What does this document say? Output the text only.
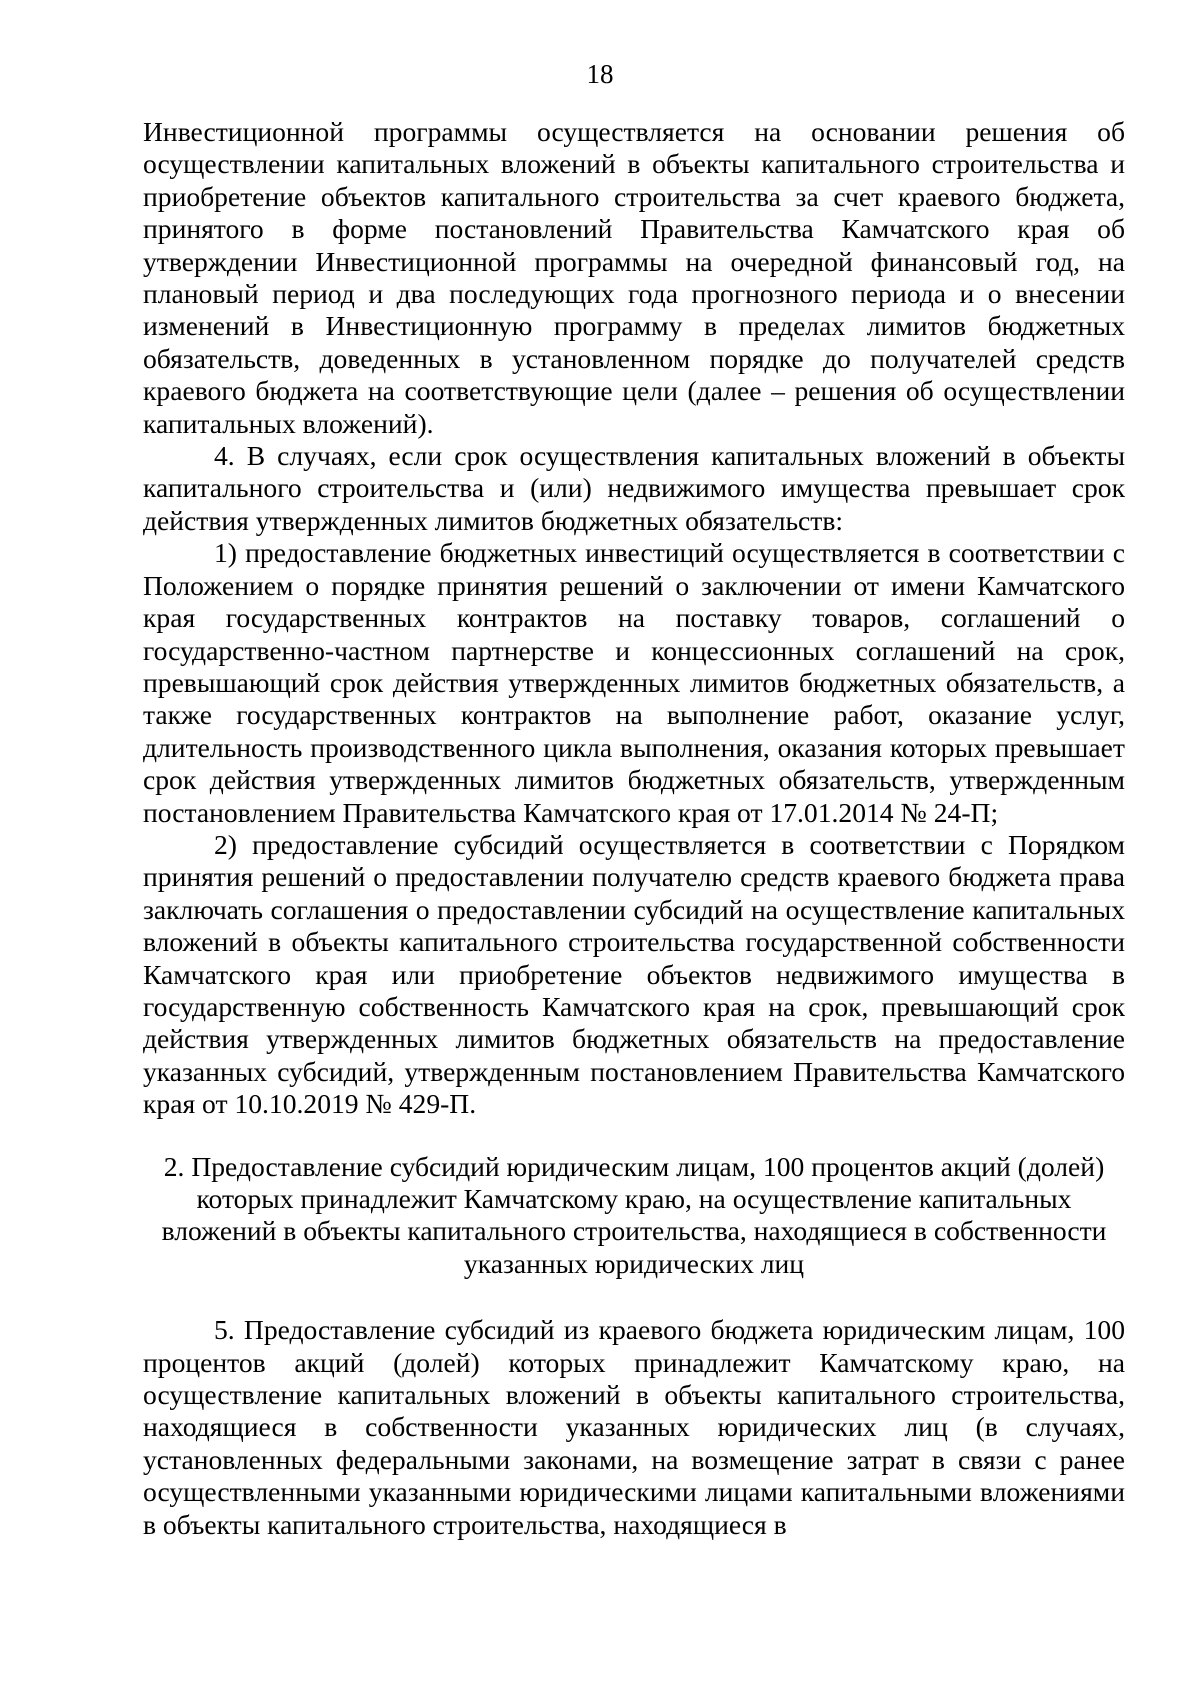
18

Инвестиционной программы осуществляется на основании решения об осуществлении капитальных вложений в объекты капитального строительства и приобретение объектов капитального строительства за счет краевого бюджета, принятого в форме постановлений Правительства Камчатского края об утверждении Инвестиционной программы на очередной финансовый год, на плановый период и два последующих года прогнозного периода и о внесении изменений в Инвестиционную программу в пределах лимитов бюджетных обязательств, доведенных в установленном порядке до получателей средств краевого бюджета на соответствующие цели (далее – решения об осуществлении капитальных вложений).

4. В случаях, если срок осуществления капитальных вложений в объекты капитального строительства и (или) недвижимого имущества превышает срок действия утвержденных лимитов бюджетных обязательств:

1) предоставление бюджетных инвестиций осуществляется в соответствии с Положением о порядке принятия решений о заключении от имени Камчатского края государственных контрактов на поставку товаров, соглашений о государственно-частном партнерстве и концессионных соглашений на срок, превышающий срок действия утвержденных лимитов бюджетных обязательств, а также государственных контрактов на выполнение работ, оказание услуг, длительность производственного цикла выполнения, оказания которых превышает срок действия утвержденных лимитов бюджетных обязательств, утвержденным постановлением Правительства Камчатского края от 17.01.2014 № 24-П;

2) предоставление субсидий осуществляется в соответствии с Порядком принятия решений о предоставлении получателю средств краевого бюджета права заключать соглашения о предоставлении субсидий на осуществление капитальных вложений в объекты капитального строительства государственной собственности Камчатского края или приобретение объектов недвижимого имущества в государственную собственность Камчатского края на срок, превышающий срок действия утвержденных лимитов бюджетных обязательств на предоставление указанных субсидий, утвержденным постановлением Правительства Камчатского края от 10.10.2019 № 429-П.

2. Предоставление субсидий юридическим лицам, 100 процентов акций (долей)
которых принадлежит Камчатскому краю, на осуществление капитальных
вложений в объекты капитального строительства, находящиеся в собственности
указанных юридических лиц

5. Предоставление субсидий из краевого бюджета юридическим лицам, 100 процентов акций (долей) которых принадлежит Камчатскому краю, на осуществление капитальных вложений в объекты капитального строительства, находящиеся в собственности указанных юридических лиц (в случаях, установленных федеральными законами, на возмещение затрат в связи с ранее осуществленными указанными юридическими лицами капитальными вложениями в объекты капитального строительства, находящиеся в
